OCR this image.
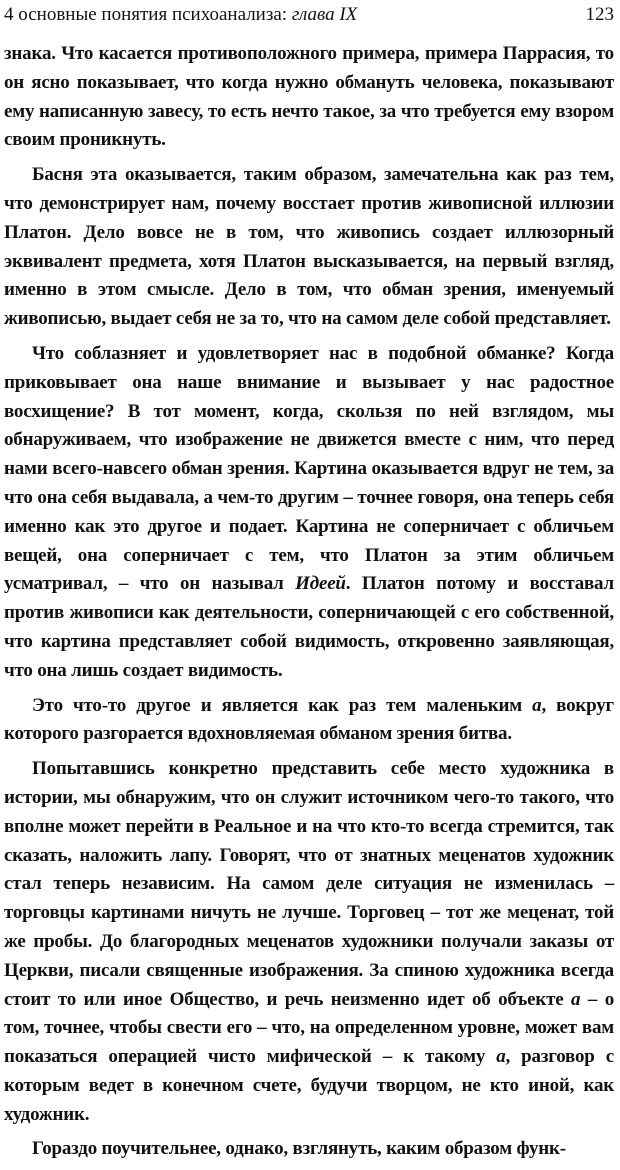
4 основные понятия психоанализа: глава IX	123

знака. Что касается противоположного примера, примера Паррасия, то он ясно показывает, что когда нужно обмануть человека, показывают ему написанную завесу, то есть нечто такое, за что требуется ему взором своим проникнуть.

Басня эта оказывается, таким образом, замечательна как раз тем, что демонстрирует нам, почему восстает против живописной иллюзии Платон. Дело вовсе не в том, что живопись создает иллюзорный эквивалент предмета, хотя Платон высказывается, на первый взгляд, именно в этом смысле. Дело в том, что обман зрения, именуемый живописью, выдает себя не за то, что на самом деле собой представляет.

Что соблазняет и удовлетворяет нас в подобной обманке? Когда приковывает она наше внимание и вызывает у нас радостное восхищение? В тот момент, когда, скользя по ней взглядом, мы обнаруживаем, что изображение не движется вместе с ним, что перед нами всего-навсего обман зрения. Картина оказывается вдруг не тем, за что она себя выдавала, а чем-то другим – точнее говоря, она теперь себя именно как это другое и подает. Картина не соперничает с обличьем вещей, она соперничает с тем, что Платон за этим обличьем усматривал, – что он называл Идеей. Платон потому и восставал против живописи как деятельности, соперничающей с его собственной, что картина представляет собой видимость, откровенно заявляющая, что она лишь создает видимость.

Это что-то другое и является как раз тем маленьким а, вокруг которого разгорается вдохновляемая обманом зрения битва.

Попытавшись конкретно представить себе место художника в истории, мы обнаружим, что он служит источником чего-то такого, что вполне может перейти в Реальное и на что кто-то всегда стремится, так сказать, наложить лапу. Говорят, что от знатных меценатов художник стал теперь независим. На самом деле ситуация не изменилась – торговцы картинами ничуть не лучше. Торговец – тот же меценат, той же пробы. До благородных меценатов художники получали заказы от Церкви, писали священные изображения. За спиною художника всегда стоит то или иное Общество, и речь неизменно идет об объекте а – о том, точнее, чтобы свести его – что, на определенном уровне, может вам показаться операцией чисто мифической – к такому а, разговор с которым ведет в конечном счете, будучи творцом, не кто иной, как художник.

Гораздо поучительнее, однако, взглянуть, каким образом функ-
